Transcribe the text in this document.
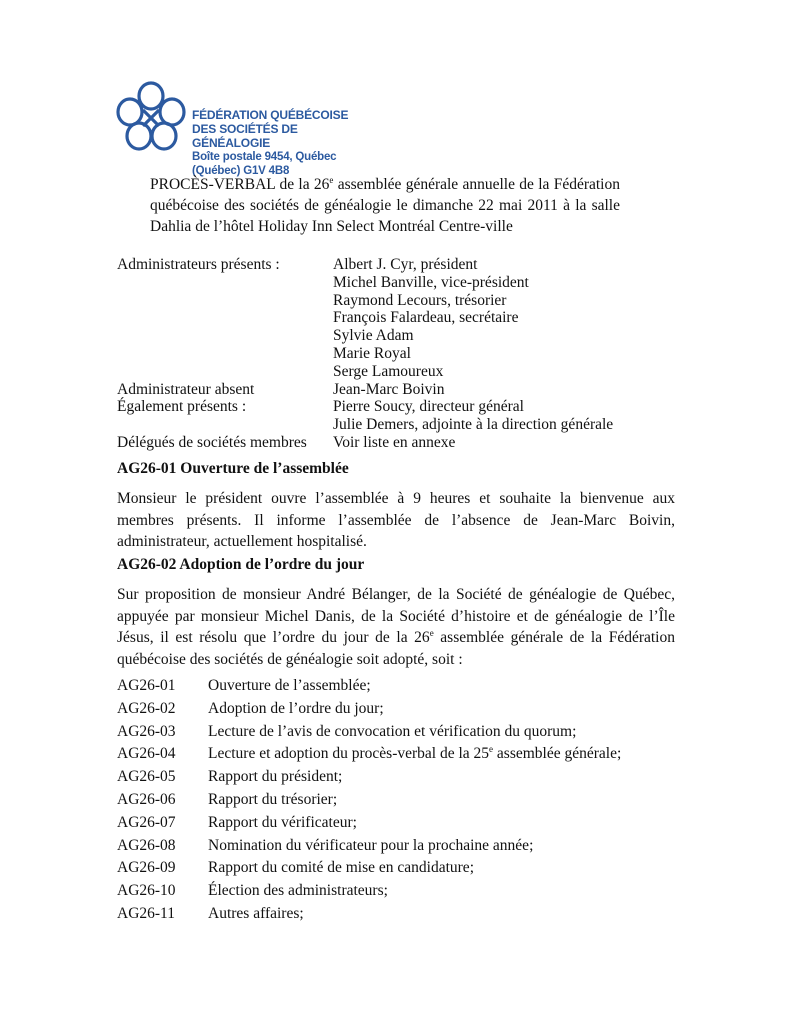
FÉDÉRATION QUÉBÉCOISE
DES SOCIÉTÉS DE GÉNÉALOGIE
Boîte postale 9454, Québec (Québec) G1V 4B8
PROCÈS-VERBAL de la 26e assemblée générale annuelle de la Fédération québécoise des sociétés de généalogie le dimanche 22 mai 2011 à la salle Dahlia de l’hôtel Holiday Inn Select Montréal Centre-ville
Administrateurs présents :	Albert J. Cyr, président
Michel Banville, vice-président
Raymond Lecours, trésorier
François Falardeau, secrétaire
Sylvie Adam
Marie Royal
Serge Lamoureux
Administrateur absent	Jean-Marc Boivin
Également présents :	Pierre Soucy, directeur général
Julie Demers, adjointe à la direction générale
Délégués de sociétés membres	Voir liste en annexe
AG26-01 Ouverture de l’assemblée
Monsieur le président ouvre l’assemblée à 9 heures et souhaite la bienvenue aux membres présents. Il informe l’assemblée de l’absence de Jean-Marc Boivin, administrateur, actuellement hospitalisé.
AG26-02 Adoption de l’ordre du jour
Sur proposition de monsieur André Bélanger, de la Société de généalogie de Québec, appuyée par monsieur Michel Danis, de la Société d’histoire et de généalogie de l’Île Jésus, il est résolu que l’ordre du jour de la 26e assemblée générale de la Fédération québécoise des sociétés de généalogie soit adopté, soit :
AG26-01	Ouverture de l’assemblée;
AG26-02	Adoption de l’ordre du jour;
AG26-03	Lecture de l’avis de convocation et vérification du quorum;
AG26-04	Lecture et adoption du procès-verbal de la 25e assemblée générale;
AG26-05	Rapport du président;
AG26-06	Rapport du trésorier;
AG26-07	Rapport du vérificateur;
AG26-08	Nomination du vérificateur pour la prochaine année;
AG26-09	Rapport du comité de mise en candidature;
AG26-10	Élection des administrateurs;
AG26-11	Autres affaires;
